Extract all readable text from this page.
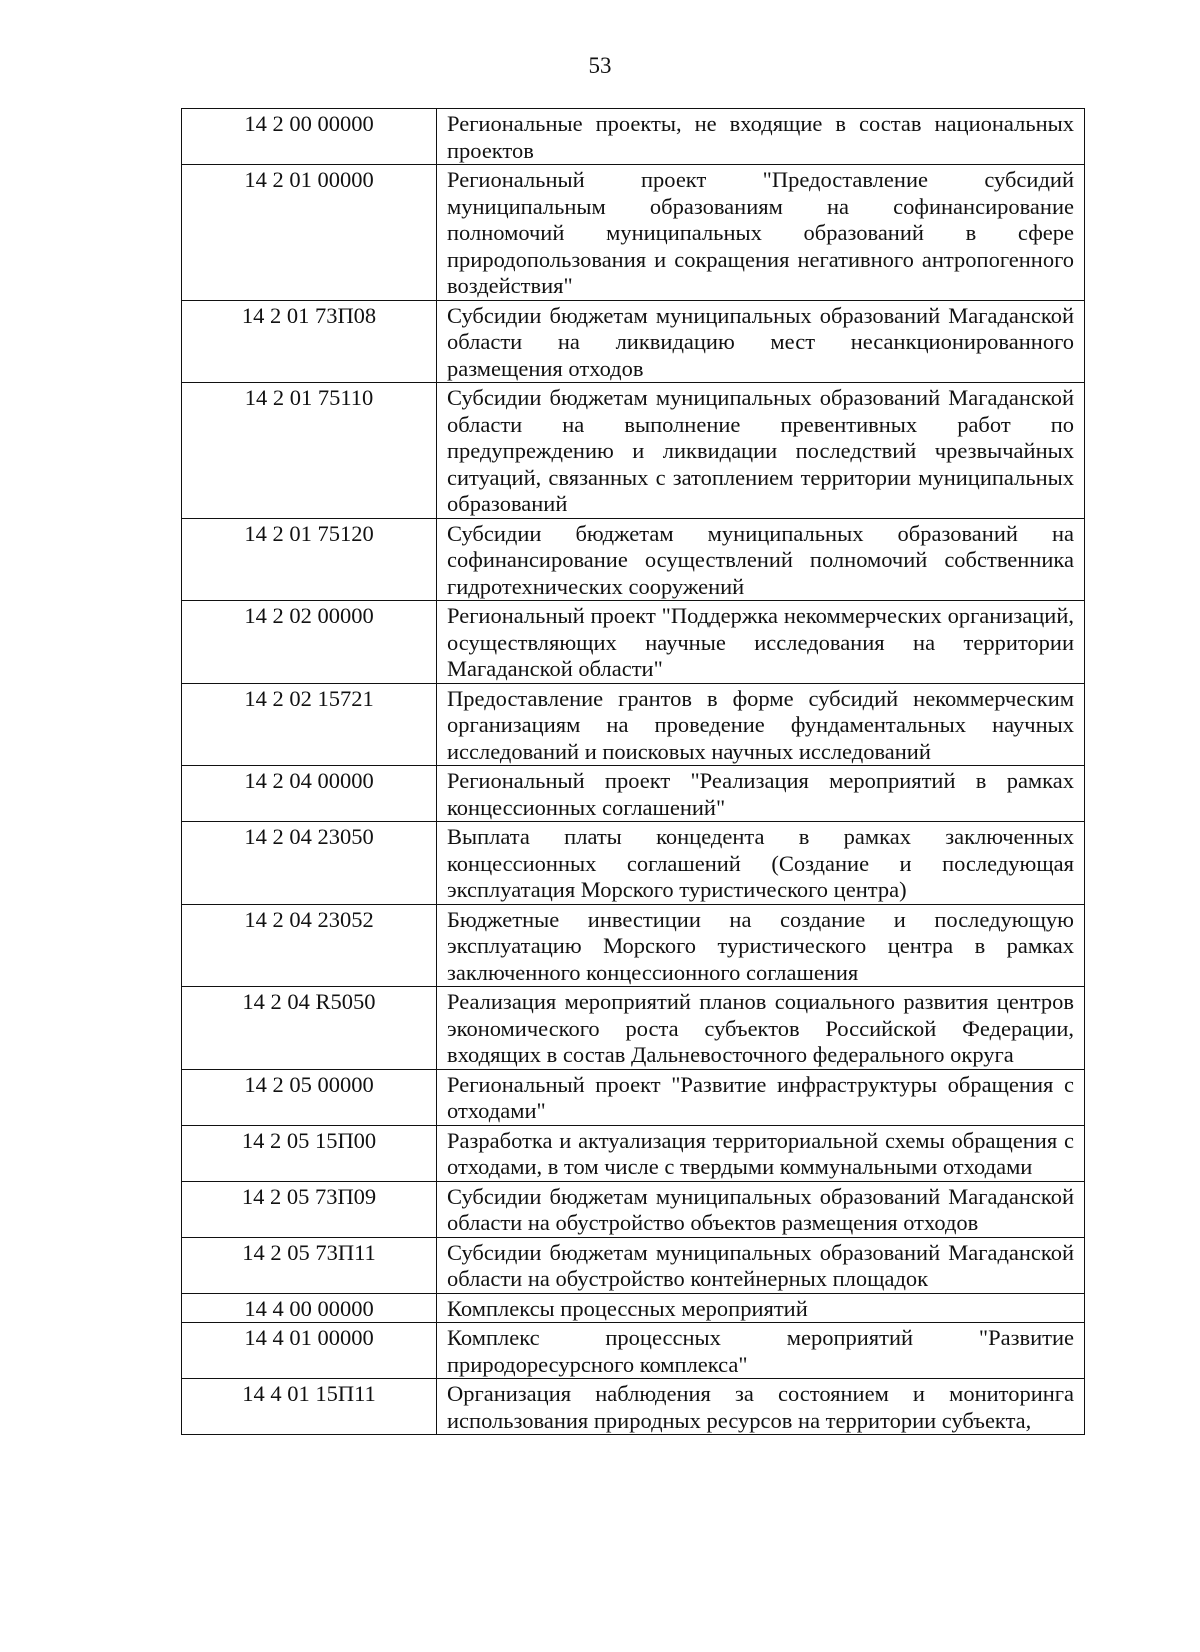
53
14 2 00 00000	Региональные проекты, не входящие в состав национальных проектов
14 2 01 00000	Региональный проект "Предоставление субсидий муниципальным образованиям на софинансирование полномочий муниципальных образований в сфере природопользования и сокращения негативного антропогенного воздействия"
14 2 01 73П08	Субсидии бюджетам муниципальных образований Магаданской области на ликвидацию мест несанкционированного размещения отходов
14 2 01 75110	Субсидии бюджетам муниципальных образований Магаданской области на выполнение превентивных работ по предупреждению и ликвидации последствий чрезвычайных ситуаций, связанных с затоплением территории муниципальных образований
14 2 01 75120	Субсидии бюджетам муниципальных образований на софинансирование осуществлений полномочий собственника гидротехнических сооружений
14 2 02 00000	Региональный проект "Поддержка некоммерческих организаций, осуществляющих научные исследования на территории Магаданской области"
14 2 02 15721	Предоставление грантов в форме субсидий некоммерческим организациям на проведение фундаментальных научных исследований и поисковых научных исследований
14 2 04 00000	Региональный проект "Реализация мероприятий в рамках концессионных соглашений"
14 2 04 23050	Выплата платы концедента в рамках заключенных концессионных соглашений (Создание и последующая эксплуатация Морского туристического центра)
14 2 04 23052	Бюджетные инвестиции на создание и последующую эксплуатацию Морского туристического центра в рамках заключенного концессионного соглашения
14 2 04 R5050	Реализация мероприятий планов социального развития центров экономического роста субъектов Российской Федерации, входящих в состав Дальневосточного федерального округа
14 2 05 00000	Региональный проект "Развитие инфраструктуры обращения с отходами"
14 2 05 15П00	Разработка и актуализация территориальной схемы обращения с отходами, в том числе с твердыми коммунальными отходами
14 2 05 73П09	Субсидии бюджетам муниципальных образований Магаданской области на обустройство объектов размещения отходов
14 2 05 73П11	Субсидии бюджетам муниципальных образований Магаданской области на обустройство контейнерных площадок
14 4 00 00000	Комплексы процессных мероприятий
14 4 01 00000	Комплекс процессных мероприятий "Развитие природоресурсного комплекса"
14 4 01 15П11	Организация наблюдения за состоянием и мониторинга использования природных ресурсов на территории субъекта,
